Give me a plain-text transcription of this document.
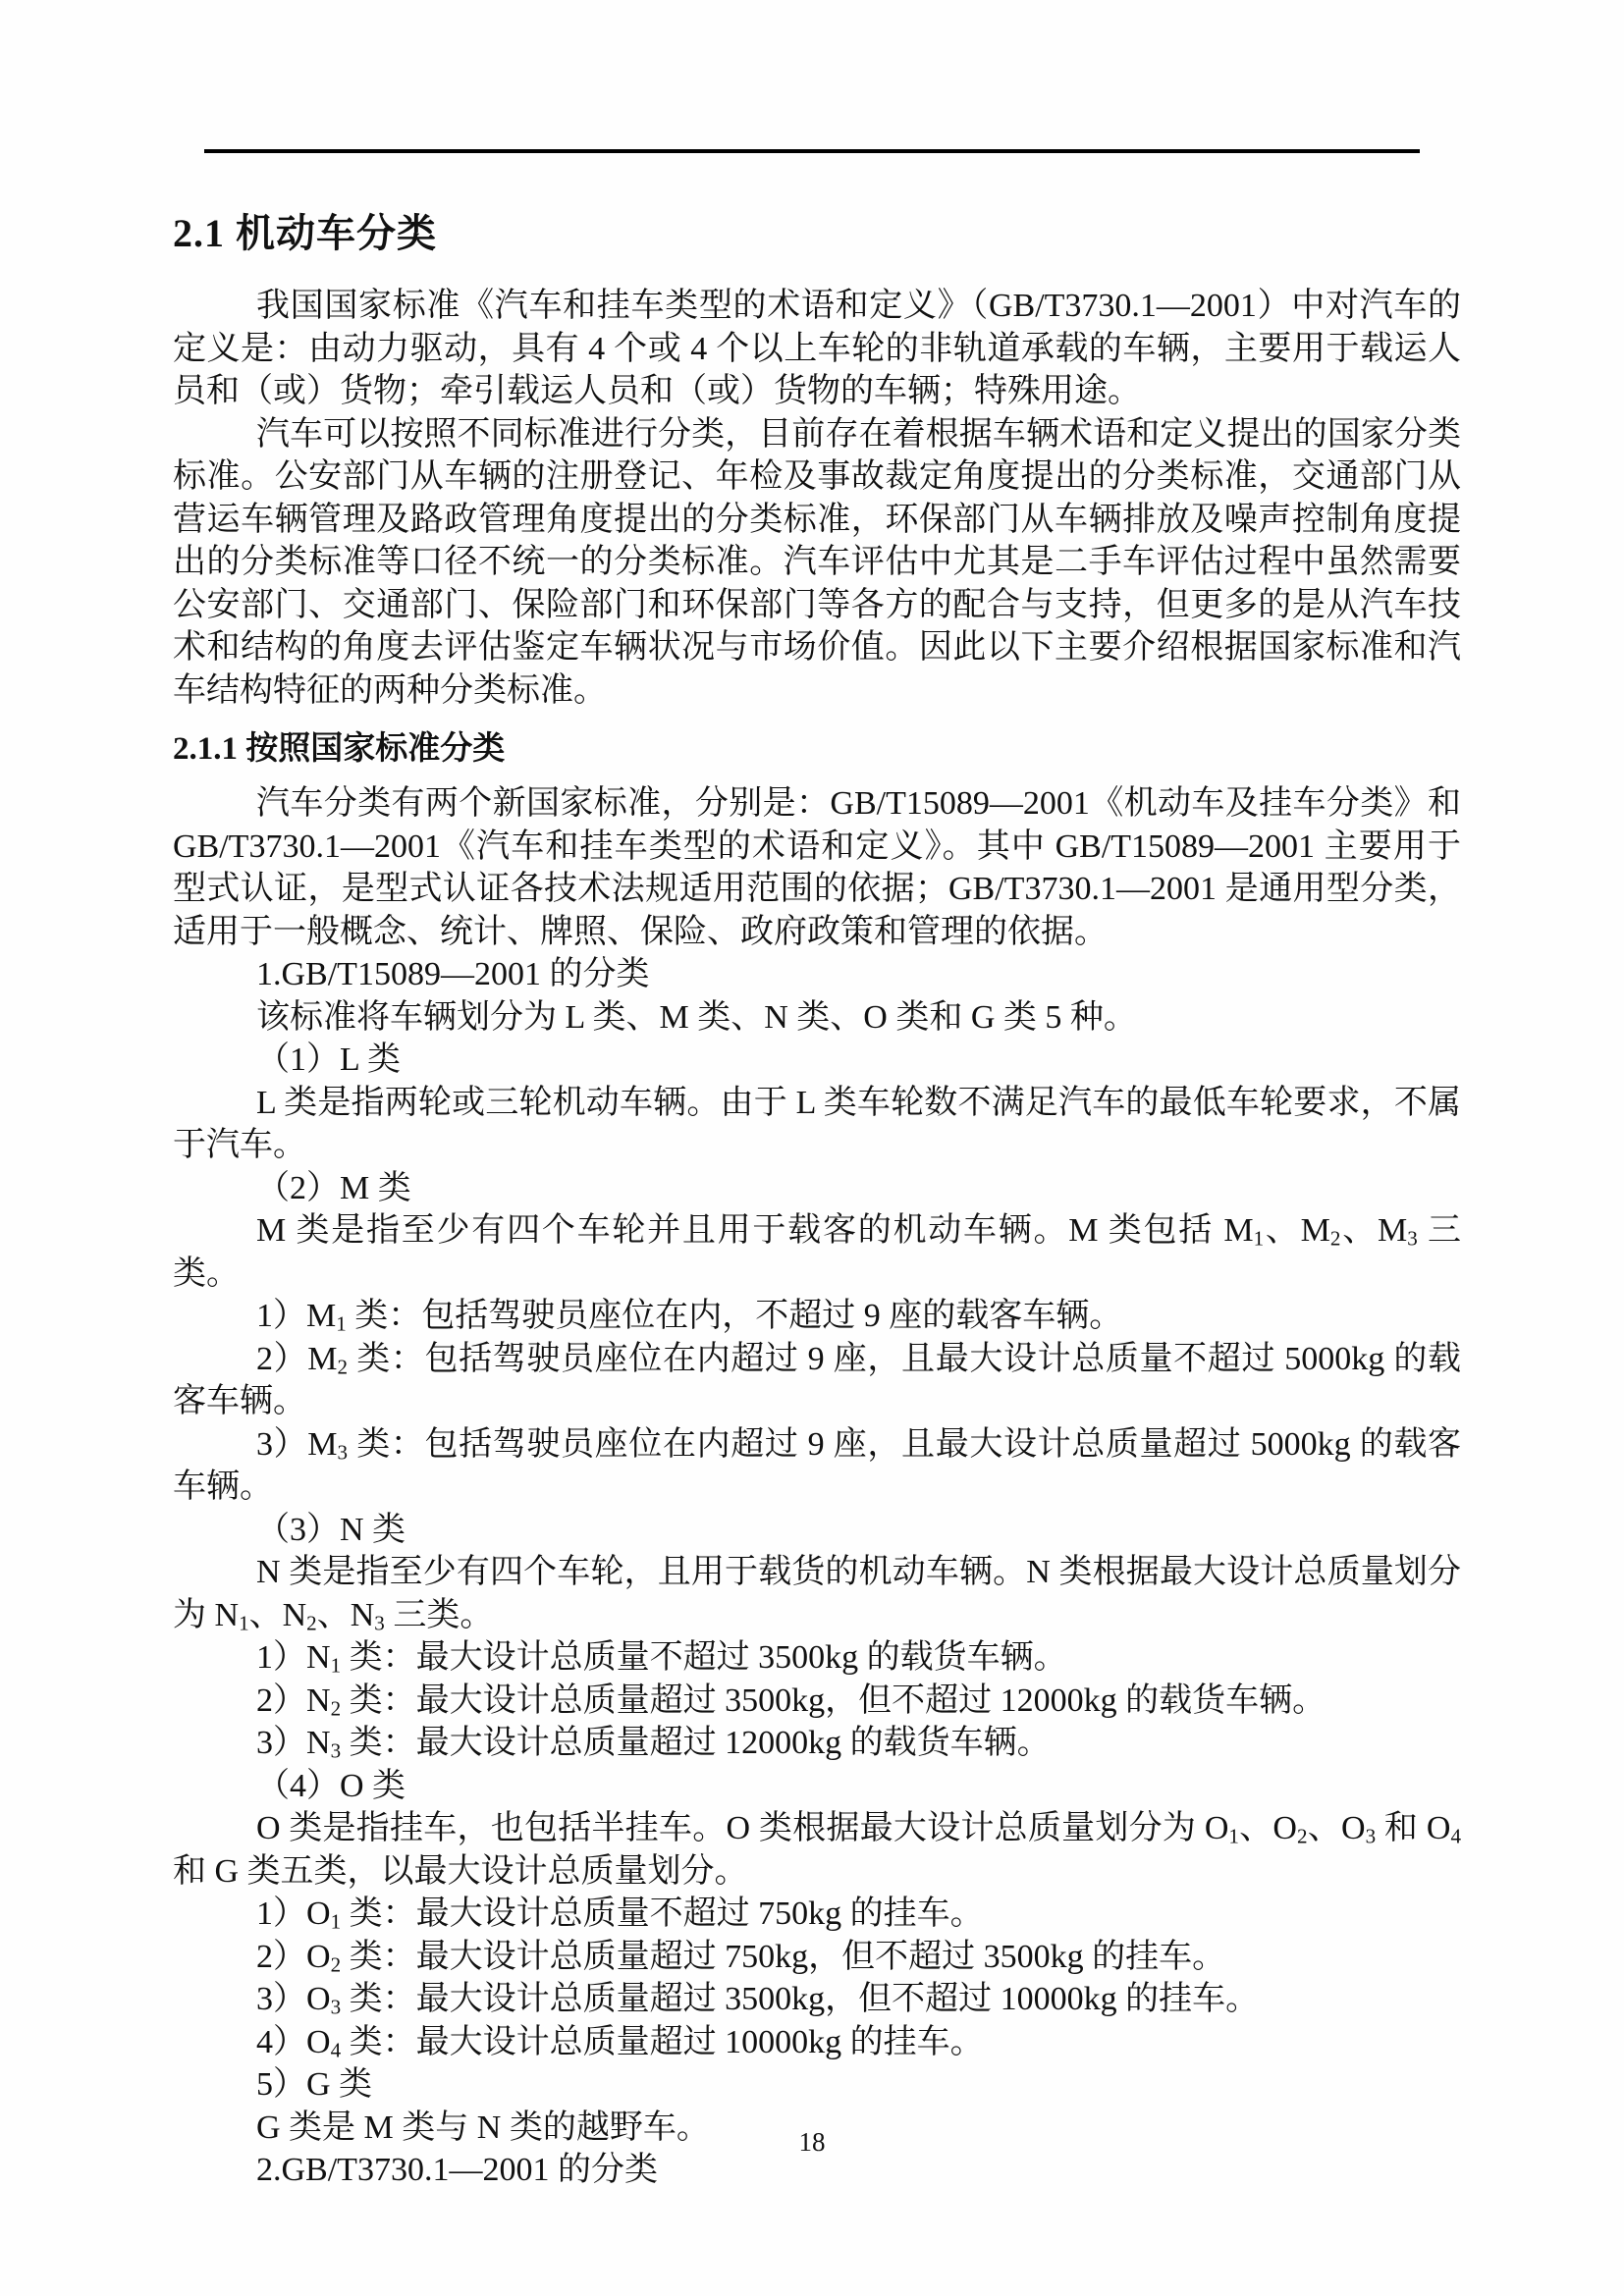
2.1 机动车分类

我国国家标准《汽车和挂车类型的术语和定义》（GB/T3730.1—2001）中对汽车的定义是：由动力驱动，具有 4 个或 4 个以上车轮的非轨道承载的车辆，主要用于载运人员和（或）货物；牵引载运人员和（或）货物的车辆；特殊用途。

汽车可以按照不同标准进行分类，目前存在着根据车辆术语和定义提出的国家分类标准。公安部门从车辆的注册登记、年检及事故裁定角度提出的分类标准，交通部门从营运车辆管理及路政管理角度提出的分类标准，环保部门从车辆排放及噪声控制角度提出的分类标准等口径不统一的分类标准。汽车评估中尤其是二手车评估过程中虽然需要公安部门、交通部门、保险部门和环保部门等各方的配合与支持，但更多的是从汽车技术和结构的角度去评估鉴定车辆状况与市场价值。因此以下主要介绍根据国家标准和汽车结构特征的两种分类标准。

2.1.1 按照国家标准分类

汽车分类有两个新国家标准，分别是：GB/T15089—2001《机动车及挂车分类》和 GB/T3730.1—2001《汽车和挂车类型的术语和定义》。其中 GB/T15089—2001 主要用于型式认证，是型式认证各技术法规适用范围的依据；GB/T3730.1—2001 是通用型分类，适用于一般概念、统计、牌照、保险、政府政策和管理的依据。

1.GB/T15089—2001 的分类

该标准将车辆划分为 L 类、M 类、N 类、O 类和 G 类 5 种。

（1）L 类

L 类是指两轮或三轮机动车辆。由于 L 类车轮数不满足汽车的最低车轮要求，不属于汽车。

（2）M 类

M 类是指至少有四个车轮并且用于载客的机动车辆。M 类包括 $M_1$、$M_2$、$M_3$ 三类。

$1)M_1$ 类：包括驾驶员座位在内，不超过 9 座的载客车辆。

$2)M_2$ 类：包括驾驶员座位在内超过 9 座，且最大设计总质量不超过 5000kg 的载客车辆。

$3)M_3$ 类：包括驾驶员座位在内超过 9 座，且最大设计总质量超过 5000kg 的载客车辆。

（3）N 类

N 类是指至少有四个车轮，且用于载货的机动车辆。N 类根据最大设计总质量划分为 $N_1$、$N_2$、$N_3$ 三类。

$1)N_1$ 类：最大设计总质量不超过 3500kg 的载货车辆。

$2)N_2$ 类：最大设计总质量超过 3500kg，但不超过 12000kg 的载货车辆。

$3)N_3$ 类：最大设计总质量超过 12000kg 的载货车辆。

（4）O 类

O 类是指挂车，也包括半挂车。O 类根据最大设计总质量划分为 $O_1$、$O_2$、$O_3$ 和 $O_4$ 和 G 类五类，以最大设计总质量划分。

$1)O_1$ 类：最大设计总质量不超过 750kg 的挂车。

$2)O_2$ 类：最大设计总质量超过 750kg，但不超过 3500kg 的挂车。

$3)O_3$ 类：最大设计总质量超过 3500kg，但不超过 10000kg 的挂车。

$4)O_4$ 类：最大设计总质量超过 10000kg 的挂车。

5）G 类

G 类是 M 类与 N 类的越野车。

2.GB/T3730.1—2001 的分类

18
